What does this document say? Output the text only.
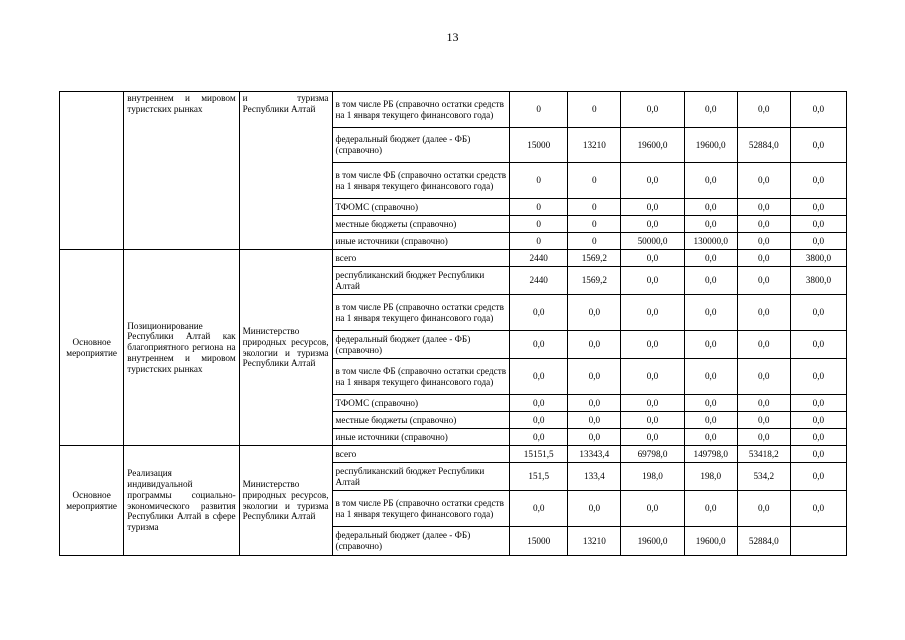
13
	внутреннем и мировом туристских рынках	и туризма Республики Алтай	в том числе РБ (справочно остатки средств на 1 января текущего финансового года)	0	0	0,0	0,0	0,0	0,0
			федеральный бюджет (далее - ФБ) (справочно)	15000	13210	19600,0	19600,0	52884,0	0,0
			в том числе ФБ (справочно остатки средств на 1 января текущего финансового года)	0	0	0,0	0,0	0,0	0,0
			ТФОМС (справочно)	0	0	0,0	0,0	0,0	0,0
			местные бюджеты (справочно)	0	0	0,0	0,0	0,0	0,0
			иные источники (справочно)	0	0	50000,0	130000,0	0,0	0,0
Основное мероприятие	Позиционирование Республики Алтай как благоприятного региона на внутреннем и мировом туристских рынках	Министерство природных ресурсов, экологии и туризма Республики Алтай	всего	2440	1569,2	0,0	0,0	0,0	3800,0
			республиканский бюджет Республики Алтай	2440	1569,2	0,0	0,0	0,0	3800,0
			в том числе РБ (справочно остатки средств на 1 января текущего финансового года)	0,0	0,0	0,0	0,0	0,0	0,0
			федеральный бюджет (далее - ФБ) (справочно)	0,0	0,0	0,0	0,0	0,0	0,0
			в том числе ФБ (справочно остатки средств на 1 января текущего финансового года)	0,0	0,0	0,0	0,0	0,0	0,0
			ТФОМС (справочно)	0,0	0,0	0,0	0,0	0,0	0,0
			местные бюджеты (справочно)	0,0	0,0	0,0	0,0	0,0	0,0
			иные источники (справочно)	0,0	0,0	0,0	0,0	0,0	0,0
Основное мероприятие	Реализация индивидуальной программы социально-экономического развития Республики Алтай в сфере туризма	Министерство природных ресурсов, экологии и туризма Республики Алтай	всего	15151,5	13343,4	69798,0	149798,0	53418,2	0,0
			республиканский бюджет Республики Алтай	151,5	133,4	198,0	198,0	534,2	0,0
			в том числе РБ (справочно остатки средств на 1 января текущего финансового года)	0,0	0,0	0,0	0,0	0,0	0,0
			федеральный бюджет (далее - ФБ) (справочно)	15000	13210	19600,0	19600,0	52884,0	
